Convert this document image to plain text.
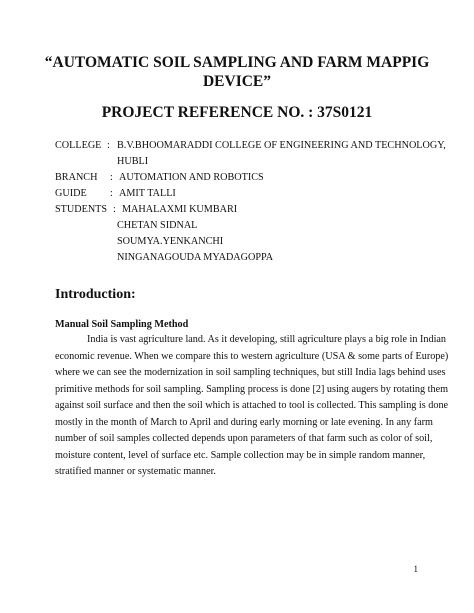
“AUTOMATIC SOIL SAMPLING AND FARM MAPPIG
DEVICE”
PROJECT REFERENCE NO. : 37S0121
COLLEGE : B.V.BHOOMARADDI COLLEGE OF ENGINEERING AND TECHNOLOGY,
HUBLI
BRANCH : AUTOMATION AND ROBOTICS
GUIDE : AMIT TALLI
STUDENTS : MAHALAXMI KUMBARI
CHETAN SIDNAL
SOUMYA.YENKANCHI
NINGANAGOUDA MYADAGOPPA
Introduction:
Manual Soil Sampling Method

India is vast agriculture land. As it developing, still agriculture plays a big role in Indian
economic revenue. When we compare this to western agriculture (USA & some parts of Europe)
where we can see the modernization in soil sampling techniques, but still India lags behind uses
primitive methods for soil sampling. Sampling process is done [2] using augers by rotating them
against soil surface and then the soil which is attached to tool is collected. This sampling is done
mostly in the month of March to April and during early morning or late evening. In any farm
number of soil samples collected depends upon parameters of that farm such as color of soil,
moisture content, level of surface etc. Sample collection may be in simple random manner,
stratified manner or systematic manner.

1
